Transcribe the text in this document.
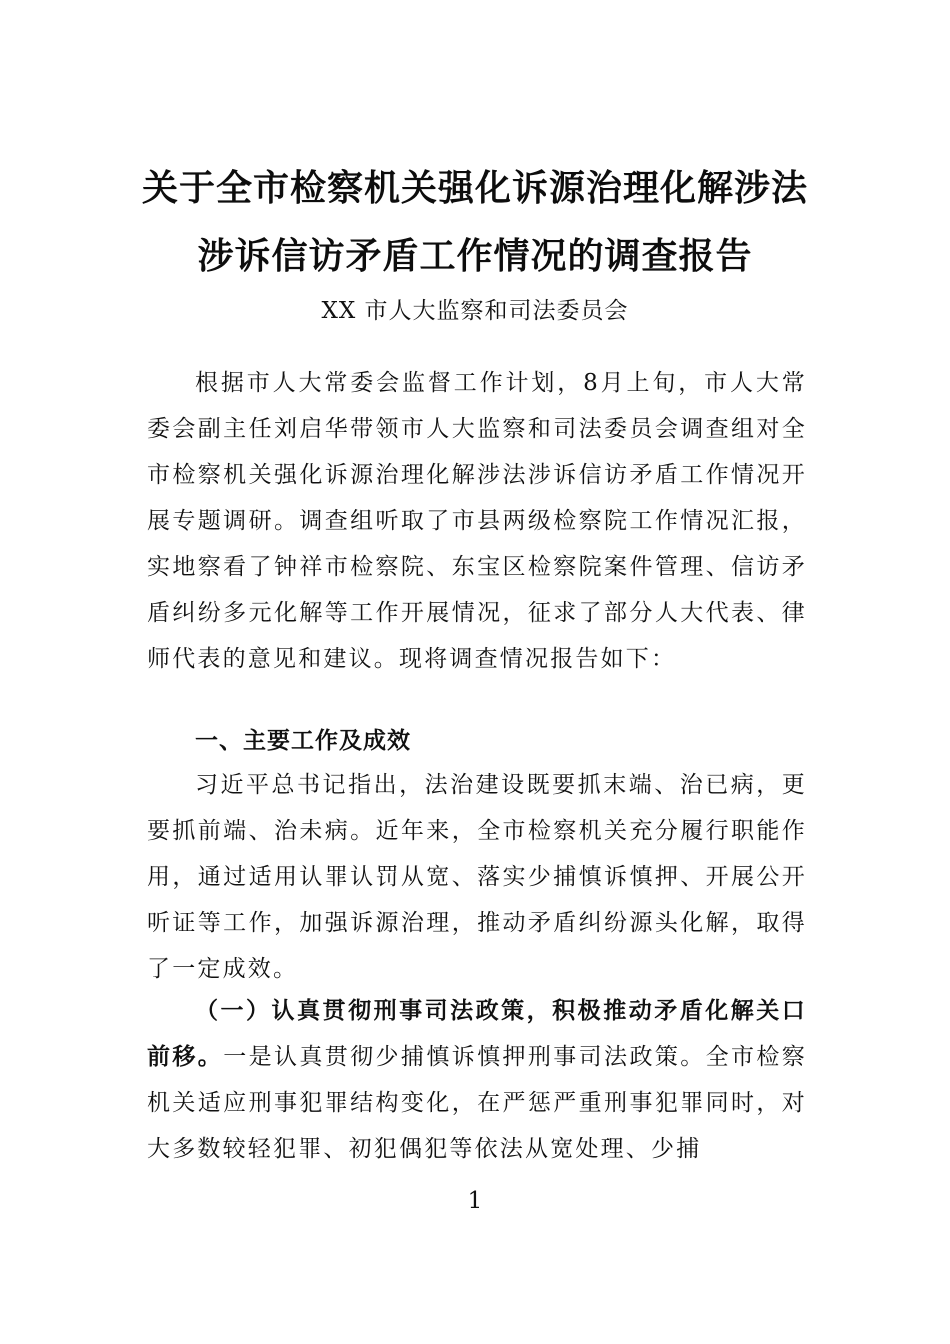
关于全市检察机关强化诉源治理化解涉法
涉诉信访矛盾工作情况的调查报告
XX 市人大监察和司法委员会
根据市人大常委会监督工作计划，8月上旬，市人大常委会副主任刘启华带领市人大监察和司法委员会调查组对全市检察机关强化诉源治理化解涉法涉诉信访矛盾工作情况开展专题调研。调查组听取了市县两级检察院工作情况汇报，实地察看了钟祥市检察院、东宝区检察院案件管理、信访矛盾纠纷多元化解等工作开展情况，征求了部分人大代表、律师代表的意见和建议。现将调查情况报告如下：
一、主要工作及成效
习近平总书记指出，法治建设既要抓末端、治已病，更要抓前端、治未病。近年来，全市检察机关充分履行职能作用，通过适用认罪认罚从宽、落实少捕慎诉慎押、开展公开听证等工作，加强诉源治理，推动矛盾纠纷源头化解，取得了一定成效。
（一）认真贯彻刑事司法政策，积极推动矛盾化解关口前移。一是认真贯彻少捕慎诉慎押刑事司法政策。全市检察机关适应刑事犯罪结构变化，在严惩严重刑事犯罪同时，对大多数较轻犯罪、初犯偶犯等依法从宽处理、少捕
1
